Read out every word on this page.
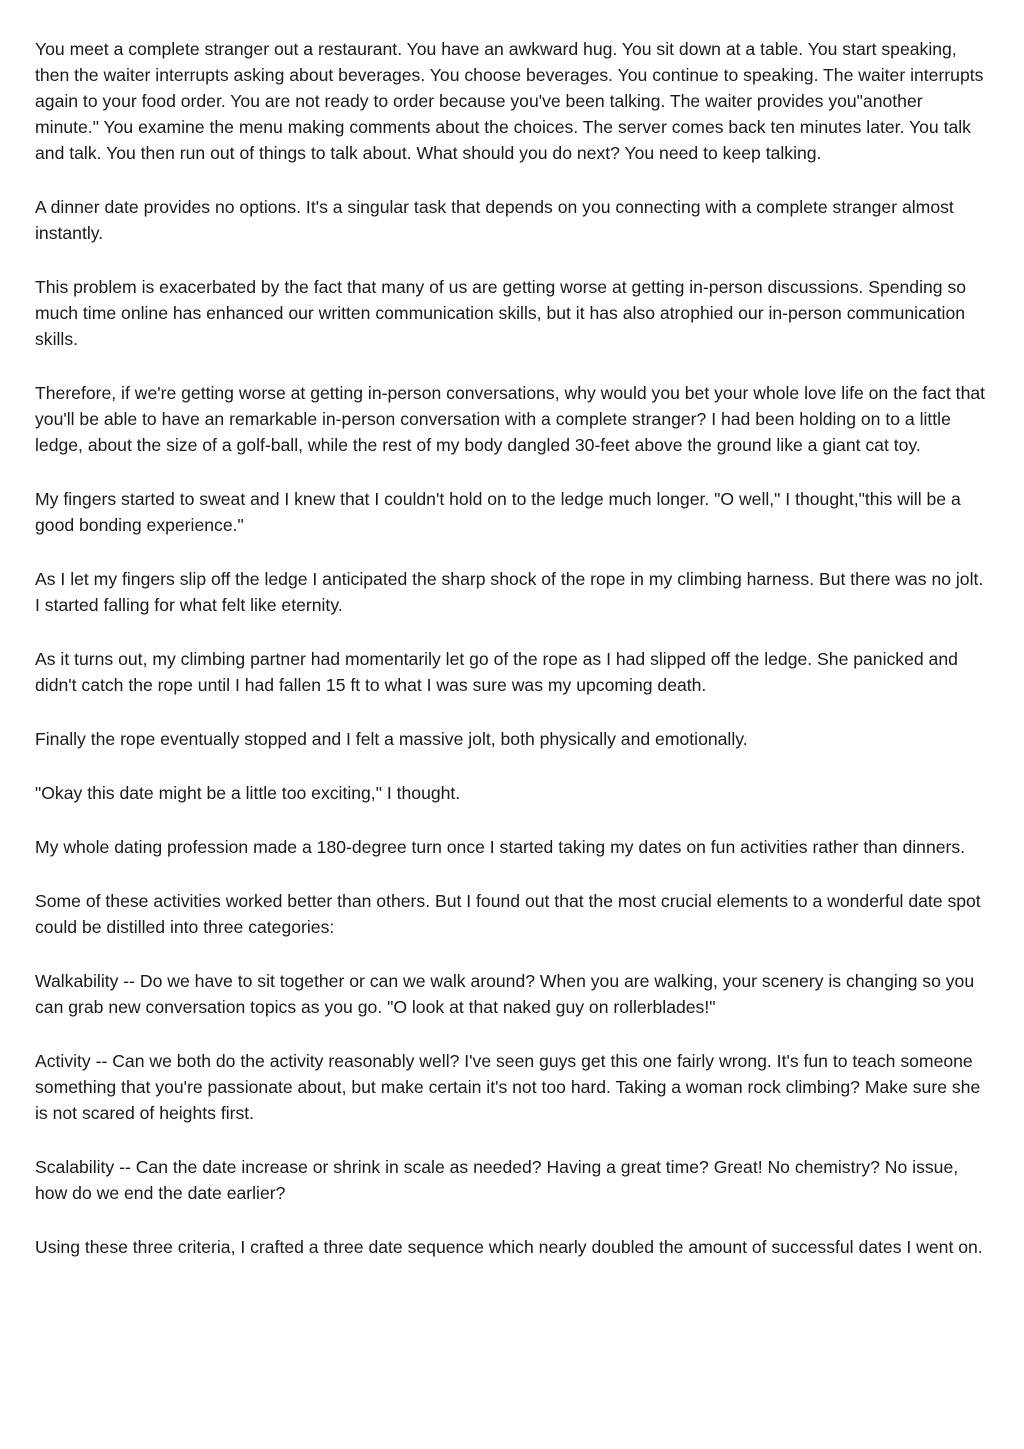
You meet a complete stranger out a restaurant. You have an awkward hug. You sit down at a table. You start speaking, then the waiter interrupts asking about beverages. You choose beverages. You continue to speaking. The waiter interrupts again to your food order. You are not ready to order because you've been talking. The waiter provides you"another minute." You examine the menu making comments about the choices. The server comes back ten minutes later. You talk and talk. You then run out of things to talk about. What should you do next? You need to keep talking.

A dinner date provides no options. It's a singular task that depends on you connecting with a complete stranger almost instantly.

This problem is exacerbated by the fact that many of us are getting worse at getting in-person discussions. Spending so much time online has enhanced our written communication skills, but it has also atrophied our in-person communication skills.

Therefore, if we're getting worse at getting in-person conversations, why would you bet your whole love life on the fact that you'll be able to have an remarkable in-person conversation with a complete stranger? I had been holding on to a little ledge, about the size of a golf-ball, while the rest of my body dangled 30-feet above the ground like a giant cat toy.

My fingers started to sweat and I knew that I couldn't hold on to the ledge much longer. "O well," I thought,"this will be a good bonding experience."

As I let my fingers slip off the ledge I anticipated the sharp shock of the rope in my climbing harness. But there was no jolt. I started falling for what felt like eternity.

As it turns out, my climbing partner had momentarily let go of the rope as I had slipped off the ledge. She panicked and didn't catch the rope until I had fallen 15 ft to what I was sure was my upcoming death.

Finally the rope eventually stopped and I felt a massive jolt, both physically and emotionally.

"Okay this date might be a little too exciting," I thought.

My whole dating profession made a 180-degree turn once I started taking my dates on fun activities rather than dinners.

Some of these activities worked better than others. But I found out that the most crucial elements to a wonderful date spot could be distilled into three categories:

Walkability -- Do we have to sit together or can we walk around? When you are walking, your scenery is changing so you can grab new conversation topics as you go. "O look at that naked guy on rollerblades!"

Activity -- Can we both do the activity reasonably well? I've seen guys get this one fairly wrong. It's fun to teach someone something that you're passionate about, but make certain it's not too hard. Taking a woman rock climbing? Make sure she is not scared of heights first.

Scalability -- Can the date increase or shrink in scale as needed? Having a great time? Great! No chemistry? No issue, how do we end the date earlier?

Using these three criteria, I crafted a three date sequence which nearly doubled the amount of successful dates I went on.
